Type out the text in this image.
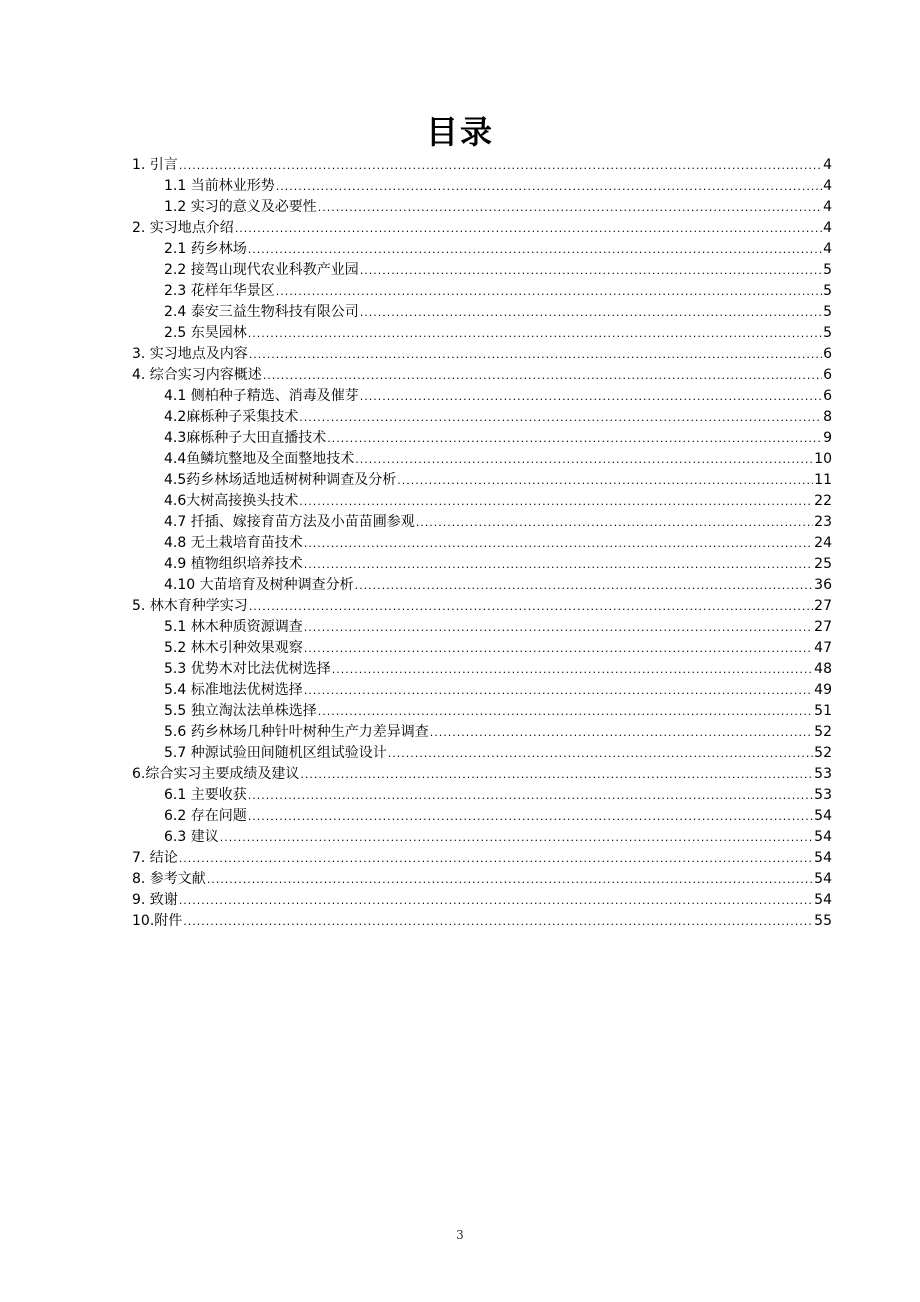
目录
1. 引言 .....	4
1.1 当前林业形势 .....	4
1.2 实习的意义及必要性 .....	4
2. 实习地点介绍 .....	4
2.1 药乡林场 .....	4
2.2 接驾山现代农业科教产业园 .....	5
2.3 花样年华景区 .....	5
2.4 泰安三益生物科技有限公司 .....	5
2.5 东昊园林 .....	5
3. 实习地点及内容 .....	6
4. 综合实习内容概述 .....	6
4.1 侧柏种子精选、消毒及催芽 .....	6
4.2麻栎种子采集技术 .....	8
4.3麻栎种子大田直播技术 .....	9
4.4鱼鳞坑整地及全面整地技术 .....	10
4.5药乡林场适地适树树种调查及分析 .....	11
4.6大树高接换头技术 .....	22
4.7 扦插、嫁接育苗方法及小苗苗圃参观 .....	23
4.8 无土栽培育苗技术 .....	24
4.9 植物组织培养技术 .....	25
4.10 大苗培育及树种调查分析 .....	36
5. 林木育种学实习 .....	27
5.1 林木种质资源调查 .....	27
5.2 林木引种效果观察 .....	47
5.3 优势木对比法优树选择 .....	48
5.4 标准地法优树选择 .....	49
5.5 独立淘汰法单株选择 .....	51
5.6 药乡林场几种针叶树种生产力差异调查 .....	52
5.7 种源试验田间随机区组试验设计 .....	52
6.综合实习主要成绩及建议 .....	53
6.1 主要收获 .....	53
6.2 存在问题 .....	54
6.3 建议 .....	54
7. 结论 .....	54
8. 参考文献 .....	54
9. 致谢 .....	54
10.附件 .....	55
3
